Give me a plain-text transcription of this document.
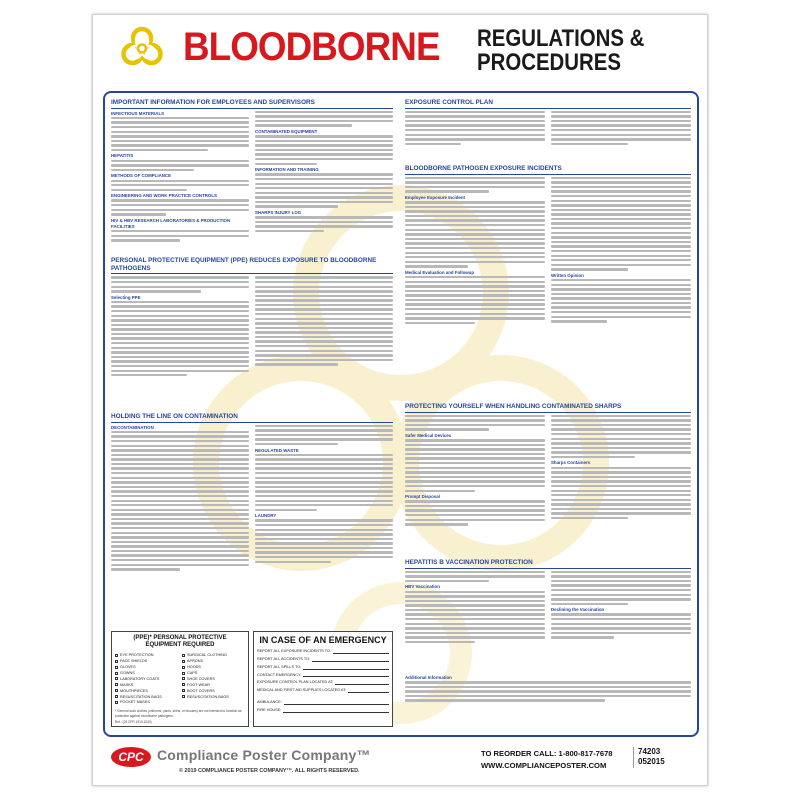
BLOODBORNE REGULATIONS &
PROCEDURES
IMPORTANT INFORMATION FOR EMPLOYEES AND SUPERVISORS
INFECTIOUS MATERIALS
HEPATITIS
METHODS OF COMPLIANCE
ENGINEERING AND WORK PRACTICE CONTROLS
HIV & HBV RESEARCH LABORATORIES & PRODUCTION FACILITIES
CONTAMINATED EQUIPMENT
INFORMATION AND TRAINING
SHARPS INJURY LOG
PERSONAL PROTECTIVE EQUIPMENT (PPE) REDUCES EXPOSURE TO BLOODBORNE PATHOGENS
Selecting PPE
HOLDING THE LINE ON CONTAMINATION
DECONTAMINATION
REGULATED WASTE
LAUNDRY
EXPOSURE CONTROL PLAN
BLOODBORNE PATHOGEN EXPOSURE INCIDENTS
Employee Exposure Incident
Medical Evaluation and Followup
Written Opinion
PROTECTING YOURSELF WHEN HANDLING CONTAMINATED SHARPS
Safer Medical Devices
Prompt Disposal
Sharps Containers
HEPATITIS B VACCINATION PROTECTION
HBV Vaccination
Declining the Vaccination
Additional Information
(PPE)* PERSONAL PROTECTIVE EQUIPMENT REQUIRED
EYE PROTECTION
FACE SHIELDS
GLOVES
GOWNS
LABORATORY COATS
MASKS
MOUTHPIECES
RESUSCITATION BAGS
POCKET MASKS
SURGICAL CLOTHING
APRONS
HOODS
CAPS
SHOE COVERS
FOOT WEAR
BOOT COVERS
RESUSCITATION BAGS
* General work clothes (uniforms, pants, shirts, or blouses) are not intended to function as protection against bloodborne pathogens.
Ref.: (29 CFR 1910.1030)
IN CASE OF AN EMERGENCY
REPORT ALL EXPOSURE INCIDENTS TO:
REPORT ALL ACCIDENTS TO:
REPORT ALL SPILLS TO:
CONTACT EMERGENCY:
EXPOSURE CONTROL PLAN LOCATED AT:
MEDICAL AND FIRST AID SUPPLIES LOCATED AT:
AMBULANCE:
FIRE HOUSE:
CPC Compliance Poster Company™
© 2019 COMPLIANCE POSTER COMPANY™. ALL RIGHTS RESERVED.
TO REORDER CALL: 1-800-817-7678
WWW.COMPLIANCEPOSTER.COM
74203
052015
